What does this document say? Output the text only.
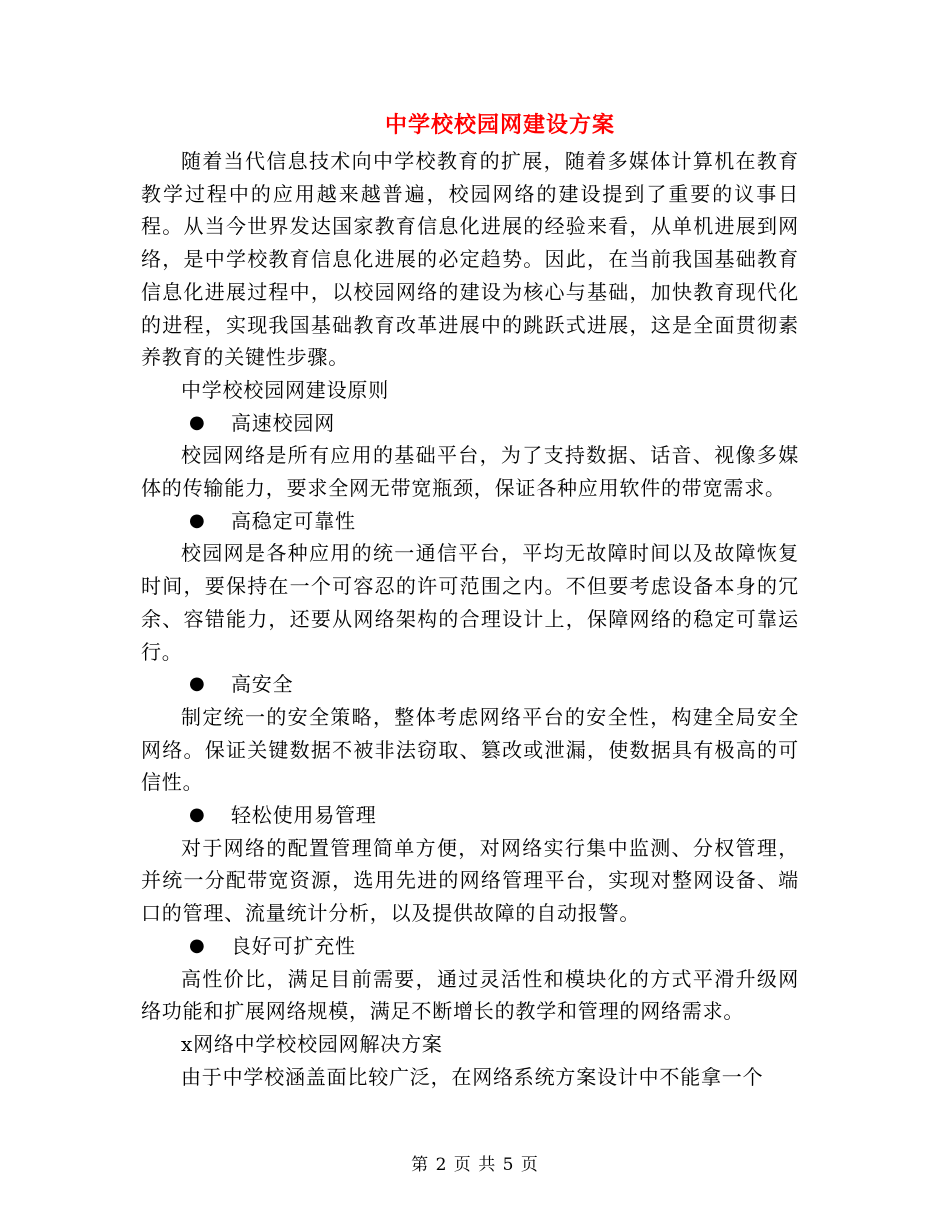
中学校校园网建设方案

随着当代信息技术向中学校教育的扩展，随着多媒体计算机在教育教学过程中的应用越来越普遍，校园网络的建设提到了重要的议事日程。从当今世界发达国家教育信息化进展的经验来看，从单机进展到网络，是中学校教育信息化进展的必定趋势。因此，在当前我国基础教育信息化进展过程中，以校园网络的建设为核心与基础，加快教育现代化的进程，实现我国基础教育改革进展中的跳跃式进展，这是全面贯彻素养教育的关键性步骤。

中学校校园网建设原则

●	高速校园网

校园网络是所有应用的基础平台，为了支持数据、话音、视像多媒体的传输能力，要求全网无带宽瓶颈，保证各种应用软件的带宽需求。

●	高稳定可靠性

校园网是各种应用的统一通信平台，平均无故障时间以及故障恢复时间，要保持在一个可容忍的许可范围之内。不但要考虑设备本身的冗余、容错能力，还要从网络架构的合理设计上，保障网络的稳定可靠运行。

●	高安全

制定统一的安全策略，整体考虑网络平台的安全性，构建全局安全网络。保证关键数据不被非法窃取、篡改或泄漏，使数据具有极高的可信性。

●	轻松使用易管理

对于网络的配置管理简单方便，对网络实行集中监测、分权管理，并统一分配带宽资源，选用先进的网络管理平台，实现对整网设备、端口的管理、流量统计分析，以及提供故障的自动报警。

●	良好可扩充性

高性价比，满足目前需要，通过灵活性和模块化的方式平滑升级网络功能和扩展网络规模，满足不断增长的教学和管理的网络需求。

x网络中学校校园网解决方案

由于中学校涵盖面比较广泛，在网络系统方案设计中不能拿一个

第 2 页 共 5 页
